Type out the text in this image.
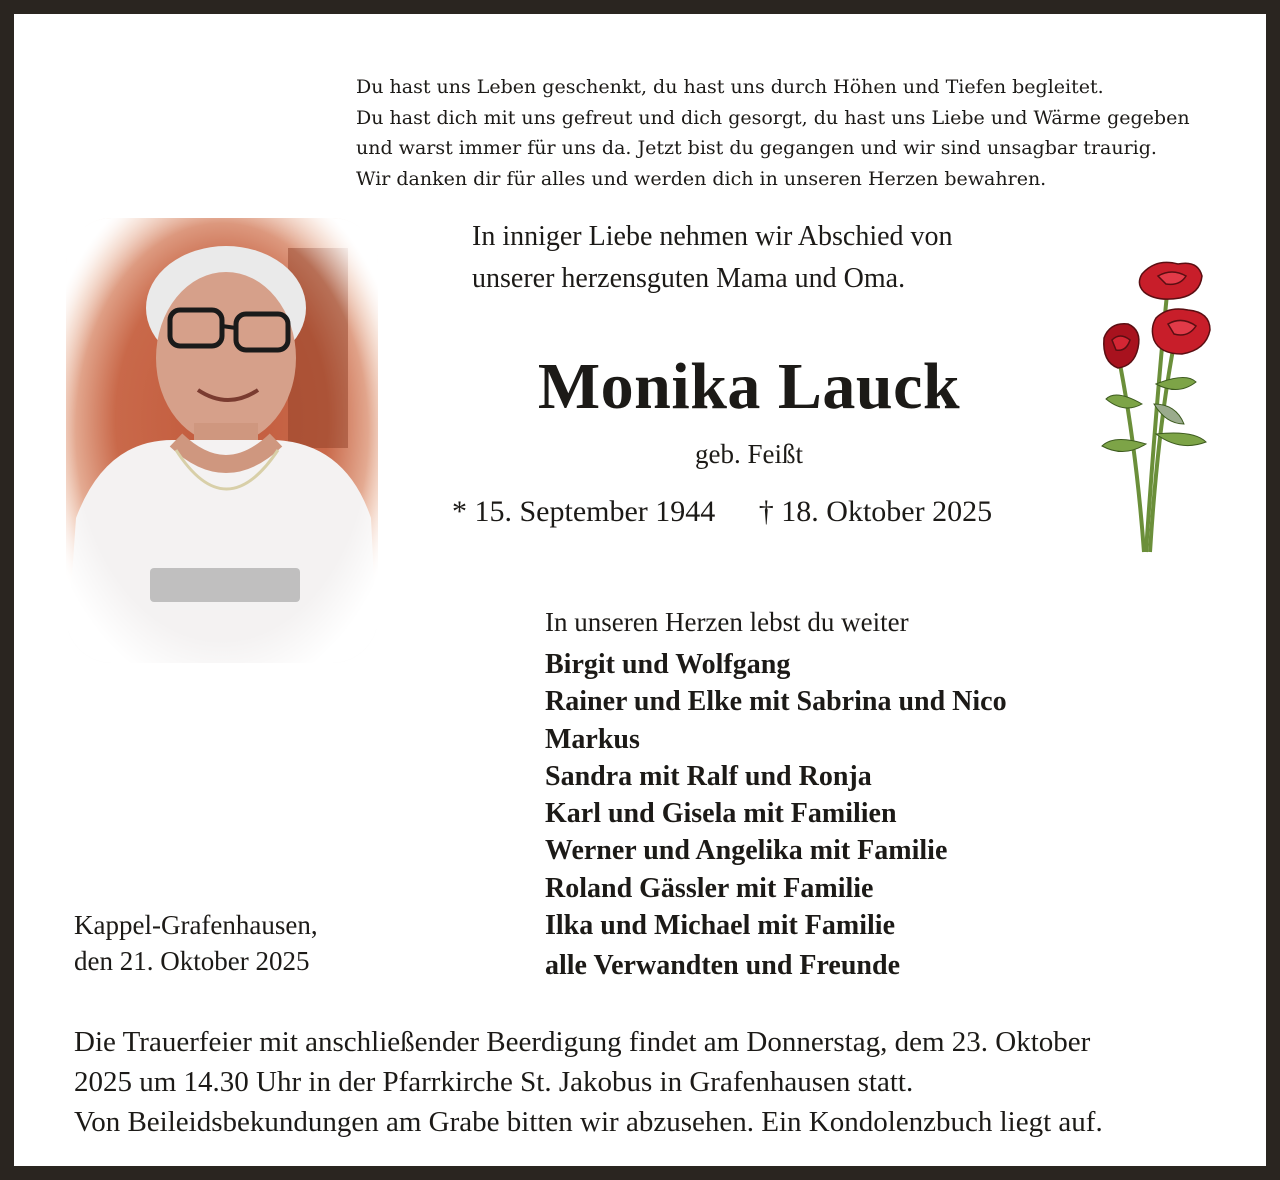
Du hast uns Leben geschenkt, du hast uns durch Höhen und Tiefen begleitet.
Du hast dich mit uns gefreut und dich gesorgt, du hast uns Liebe und Wärme gegeben
und warst immer für uns da. Jetzt bist du gegangen und wir sind unsagbar traurig.
Wir danken dir für alles und werden dich in unseren Herzen bewahren.
In inniger Liebe nehmen wir Abschied von
unserer herzensguten Mama und Oma.
Monika Lauck
geb. Feißt
* 15. September 1944 † 18. Oktober 2025
In unseren Herzen lebst du weiter
Birgit und Wolfgang
Rainer und Elke mit Sabrina und Nico
Markus
Sandra mit Ralf und Ronja
Karl und Gisela mit Familien
Werner und Angelika mit Familie
Roland Gässler mit Familie
Ilka und Michael mit Familie
alle Verwandten und Freunde
Kappel-Grafenhausen,
den 21. Oktober 2025
Die Trauerfeier mit anschließender Beerdigung findet am Donnerstag, dem 23. Oktober
2025 um 14.30 Uhr in der Pfarrkirche St. Jakobus in Grafenhausen statt.
Von Beileidsbekundungen am Grabe bitten wir abzusehen. Ein Kondolenzbuch liegt auf.
